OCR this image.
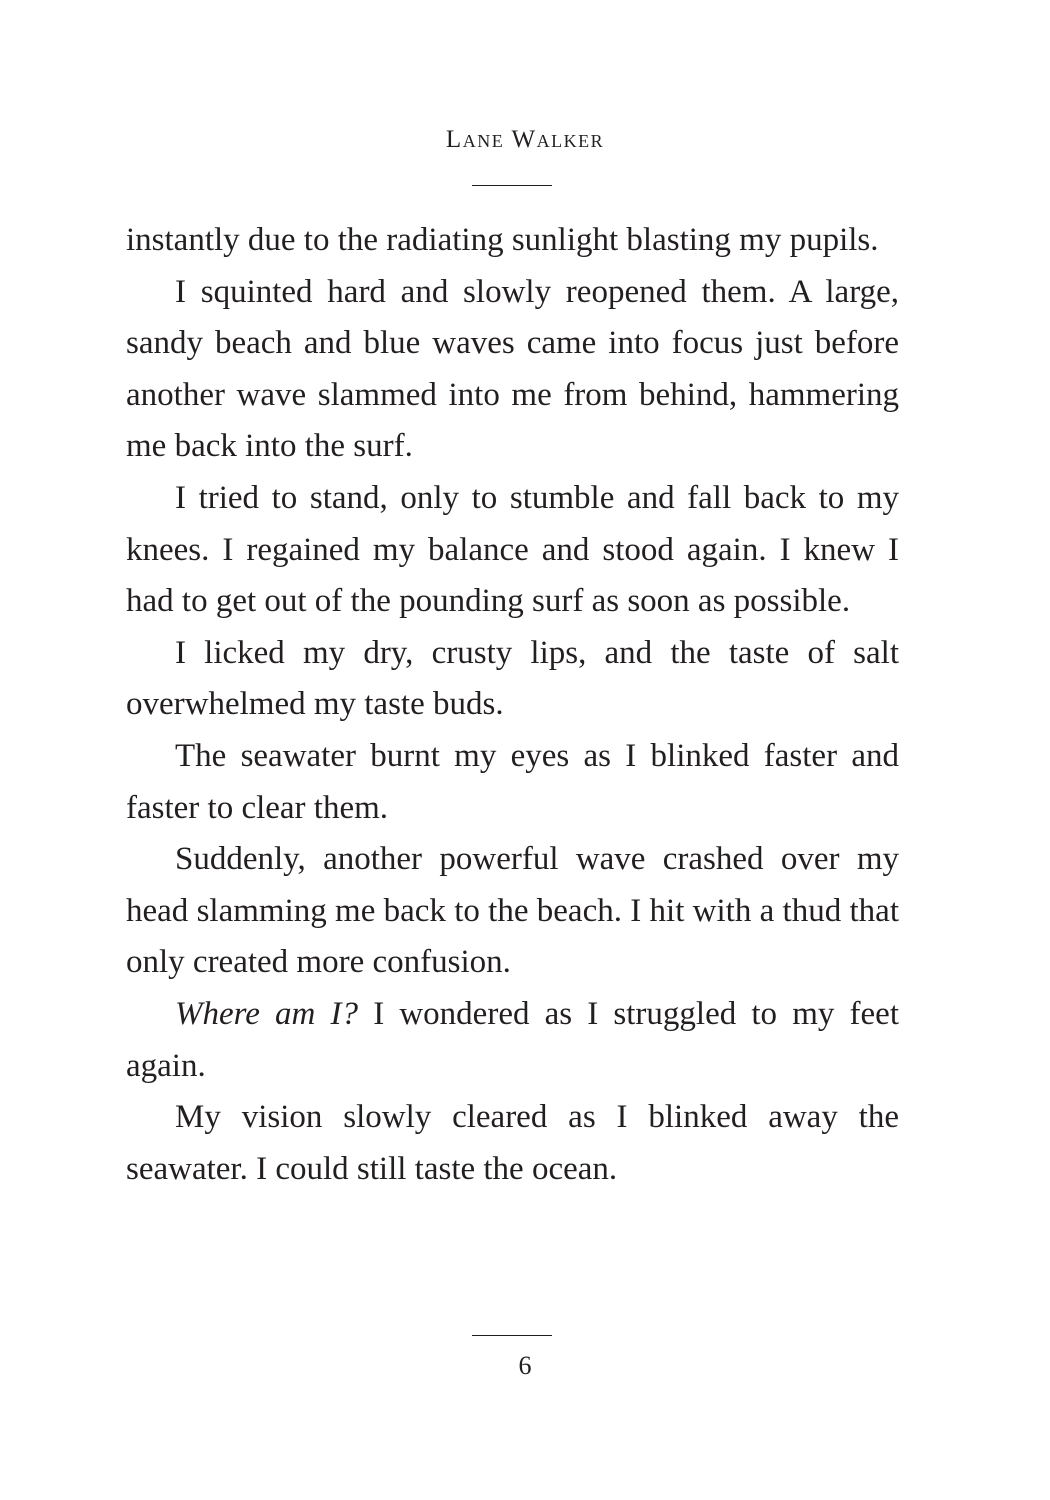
Lane Walker

instantly due to the radiating sunlight blasting my pupils.

I squinted hard and slowly reopened them. A large, sandy beach and blue waves came into focus just before another wave slammed into me from behind, hammering me back into the surf.

I tried to stand, only to stumble and fall back to my knees. I regained my balance and stood again. I knew I had to get out of the pounding surf as soon as possible.

I licked my dry, crusty lips, and the taste of salt overwhelmed my taste buds.

The seawater burnt my eyes as I blinked faster and faster to clear them.

Suddenly, another powerful wave crashed over my head slamming me back to the beach. I hit with a thud that only created more confusion.

Where am I? I wondered as I struggled to my feet again.

My vision slowly cleared as I blinked away the seawater. I could still taste the ocean.

6
